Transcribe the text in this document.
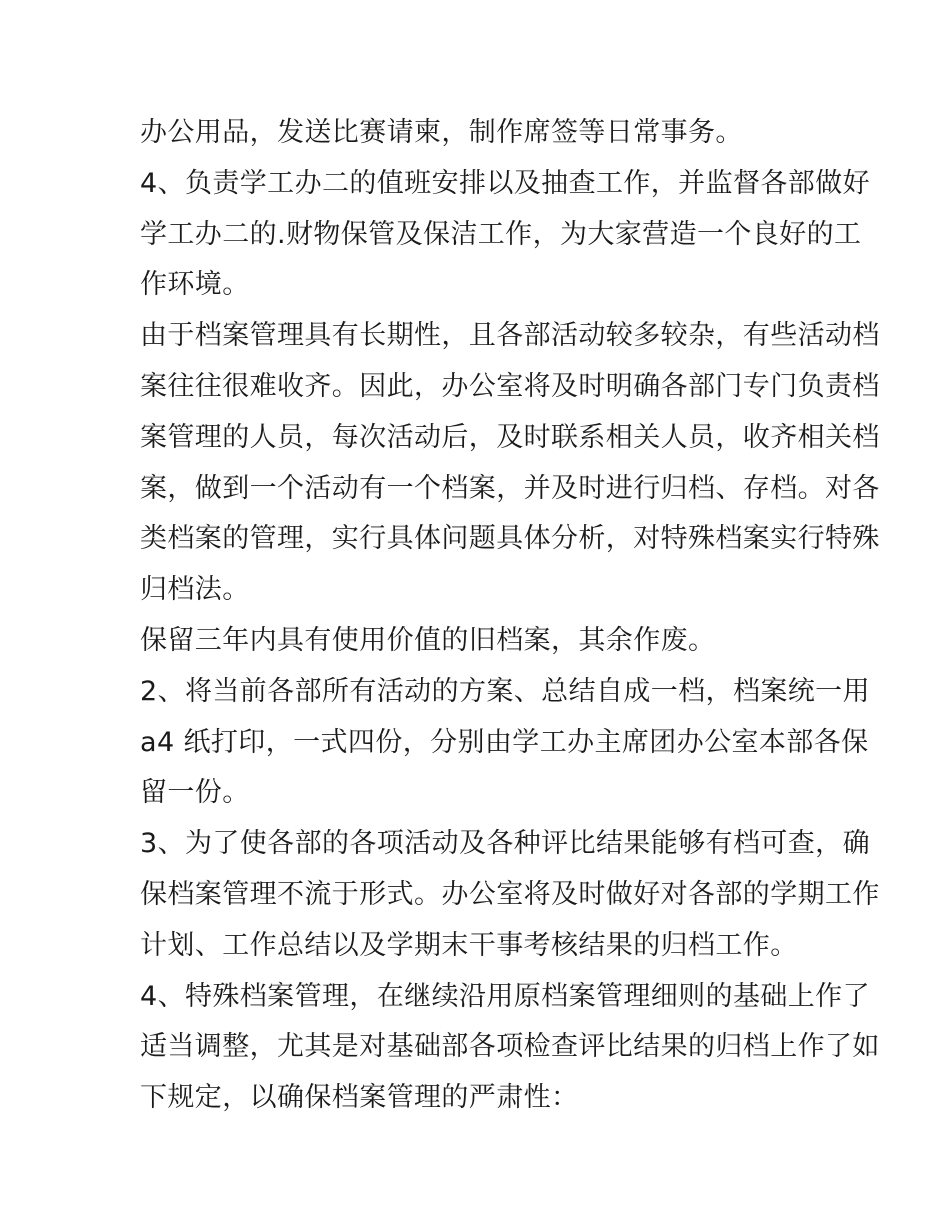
办公用品，发送比赛请柬，制作席签等日常事务。
4、负责学工办二的值班安排以及抽查工作，并监督各部做好
学工办二的.财物保管及保洁工作，为大家营造一个良好的工
作环境。
由于档案管理具有长期性，且各部活动较多较杂，有些活动档
案往往很难收齐。因此，办公室将及时明确各部门专门负责档
案管理的人员，每次活动后，及时联系相关人员，收齐相关档
案，做到一个活动有一个档案，并及时进行归档、存档。对各
类档案的管理，实行具体问题具体分析，对特殊档案实行特殊
归档法。
保留三年内具有使用价值的旧档案，其余作废。
2、将当前各部所有活动的方案、总结自成一档，档案统一用
a4 纸打印，一式四份，分别由学工办主席团办公室本部各保
留一份。
3、为了使各部的各项活动及各种评比结果能够有档可查，确
保档案管理不流于形式。办公室将及时做好对各部的学期工作
计划、工作总结以及学期末干事考核结果的归档工作。
4、特殊档案管理，在继续沿用原档案管理细则的基础上作了
适当调整，尤其是对基础部各项检查评比结果的归档上作了如
下规定，以确保档案管理的严肃性：
